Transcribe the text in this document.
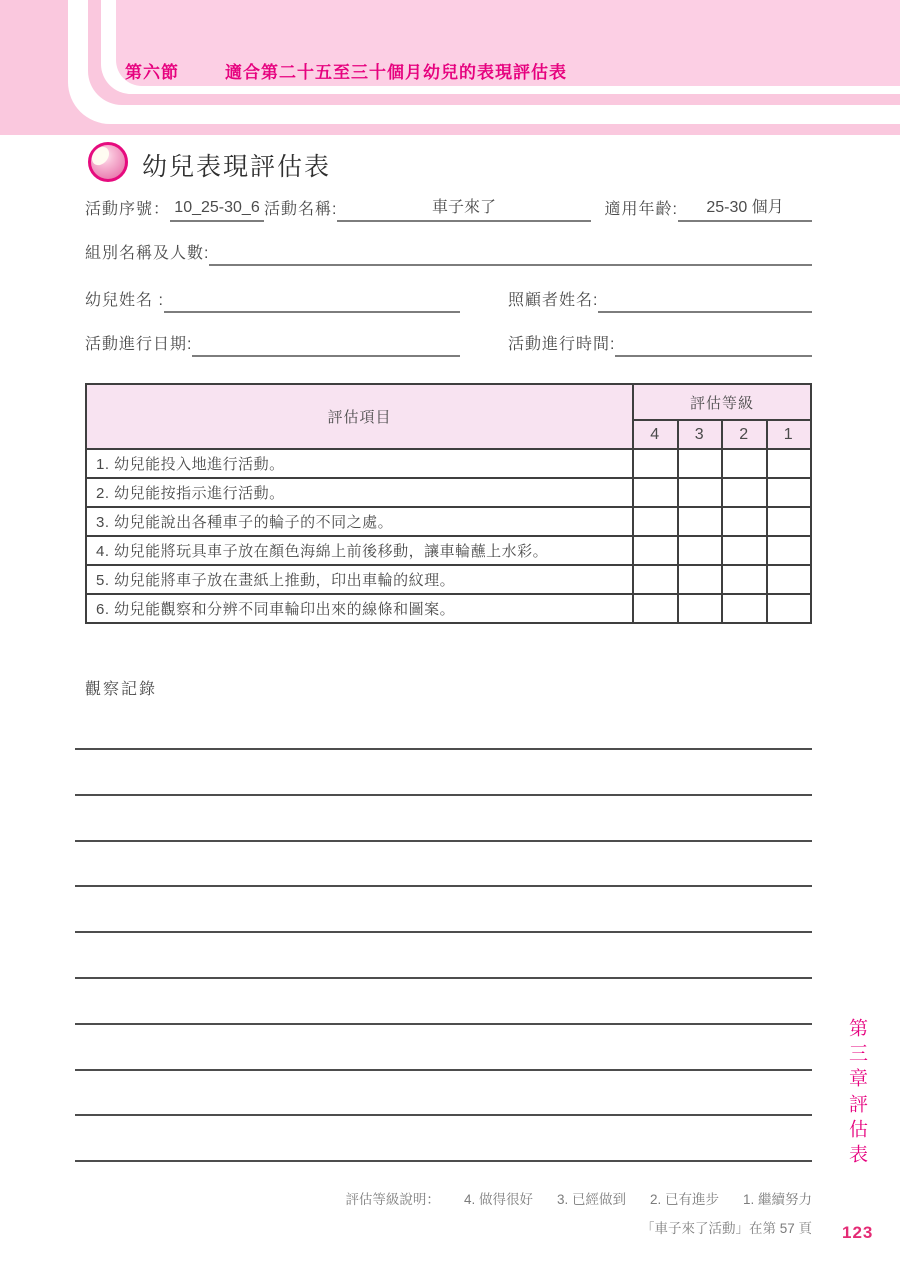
第六節	適合第二十五至三十個月幼兒的表現評估表
幼兒表現評估表
活動序號： 10_25-30_6 活動名稱:	車子來了	適用年齡:	25-30 個月
組別名稱及人數:
幼兒姓名 :	照顧者姓名:
活動進行日期:	活動進行時間:
評估項目	評估等級			
	4	3	2	1
1. 幼兒能投入地進行活動。				
2. 幼兒能按指示進行活動。				
3. 幼兒能說出各種車子的輪子的不同之處。				
4. 幼兒能將玩具車子放在顏色海綿上前後移動，讓車輪蘸上水彩。				
5. 幼兒能將車子放在畫紙上推動，印出車輪的紋理。				
6. 幼兒能觀察和分辨不同車輪印出來的線條和圖案。				
觀察記錄
第三章
評估表
評估等級說明： 4. 做得很好 3. 已經做到 2. 已有進步 1. 繼續努力
「車子來了活動」在第 57 頁 123
